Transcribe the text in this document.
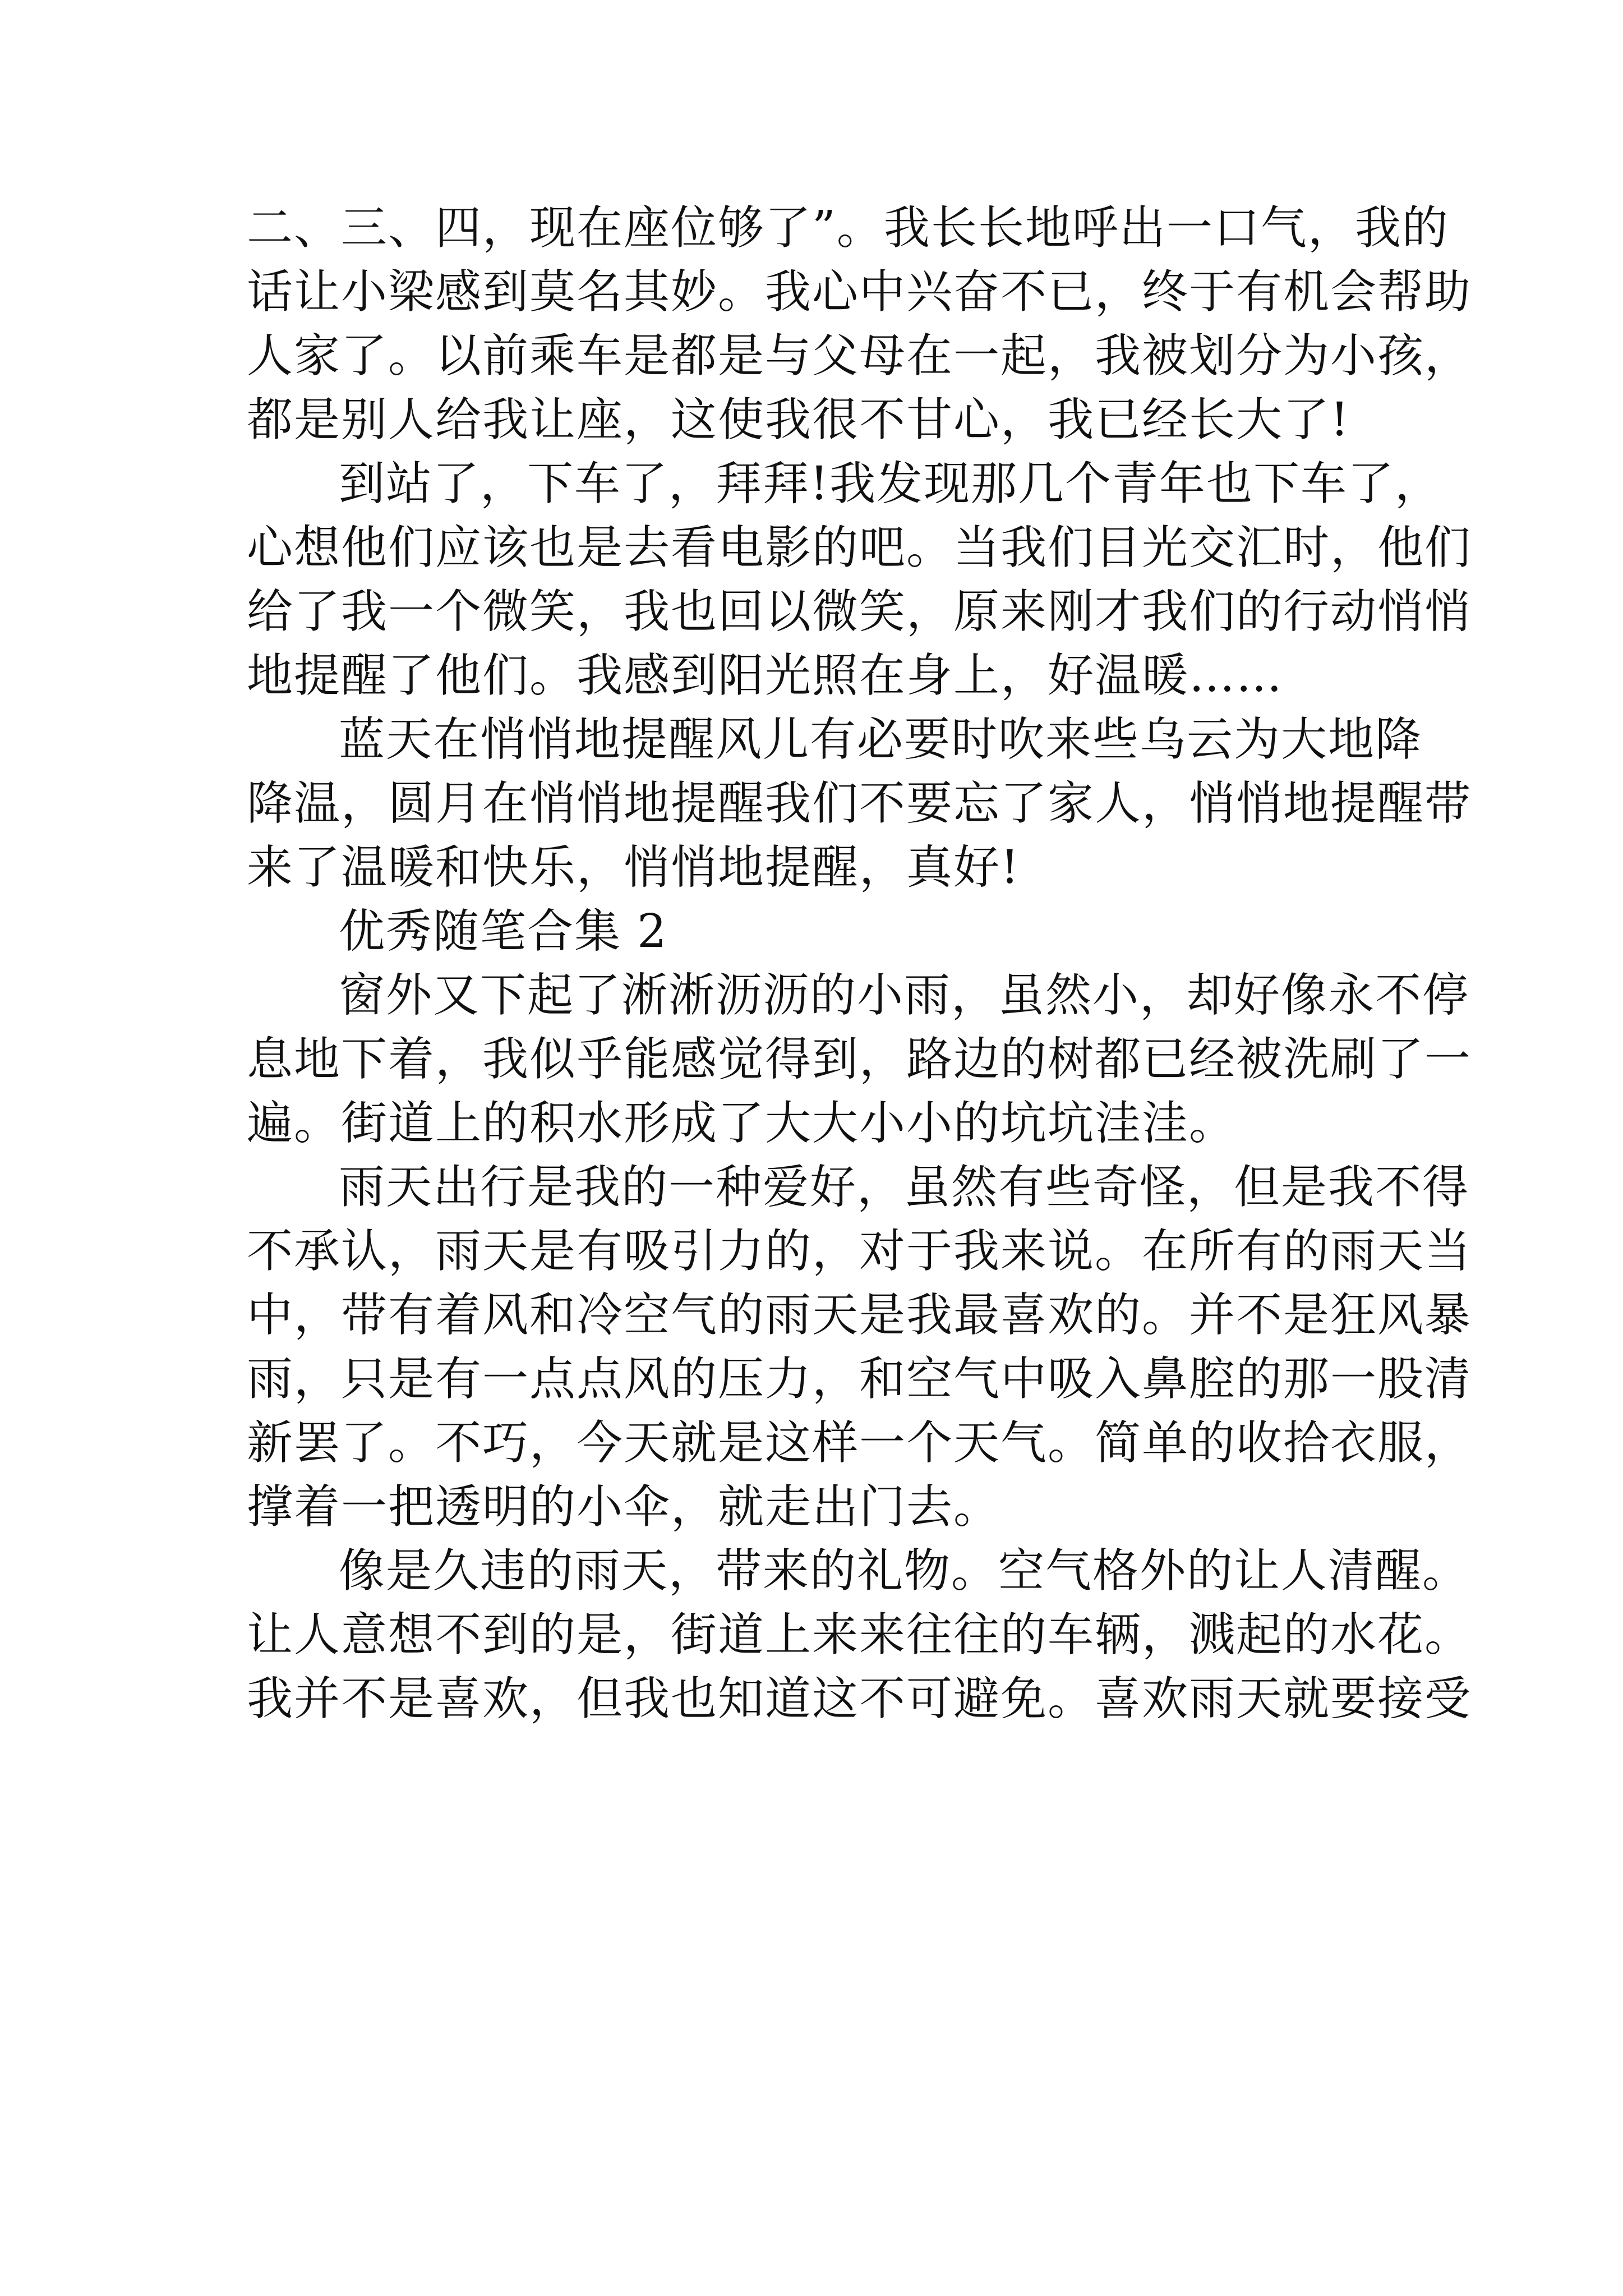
二、三、四，现在座位够了”。我长长地呼出一口气，我的
话让小梁感到莫名其妙。我心中兴奋不已，终于有机会帮助
人家了。以前乘车是都是与父母在一起，我被划分为小孩，
都是别人给我让座，这使我很不甘心，我已经长大了!
到站了，下车了，拜拜!我发现那几个青年也下车了，
心想他们应该也是去看电影的吧。当我们目光交汇时，他们
给了我一个微笑，我也回以微笑，原来刚才我们的行动悄悄
地提醒了他们。我感到阳光照在身上，好温暖……
蓝天在悄悄地提醒风儿有必要时吹来些乌云为大地降
降温，圆月在悄悄地提醒我们不要忘了家人，悄悄地提醒带
来了温暖和快乐，悄悄地提醒，真好!
优秀随笔合集 2
窗外又下起了淅淅沥沥的小雨，虽然小，却好像永不停
息地下着，我似乎能感觉得到，路边的树都已经被洗刷了一
遍。街道上的积水形成了大大小小的坑坑洼洼。
雨天出行是我的一种爱好，虽然有些奇怪，但是我不得
不承认，雨天是有吸引力的，对于我来说。在所有的雨天当
中，带有着风和冷空气的雨天是我最喜欢的。并不是狂风暴
雨，只是有一点点风的压力，和空气中吸入鼻腔的那一股清
新罢了。不巧，今天就是这样一个天气。简单的收拾衣服，
撑着一把透明的小伞，就走出门去。
像是久违的雨天，带来的礼物。空气格外的让人清醒。
让人意想不到的是，街道上来来往往的车辆，溅起的水花。
我并不是喜欢，但我也知道这不可避免。喜欢雨天就要接受
